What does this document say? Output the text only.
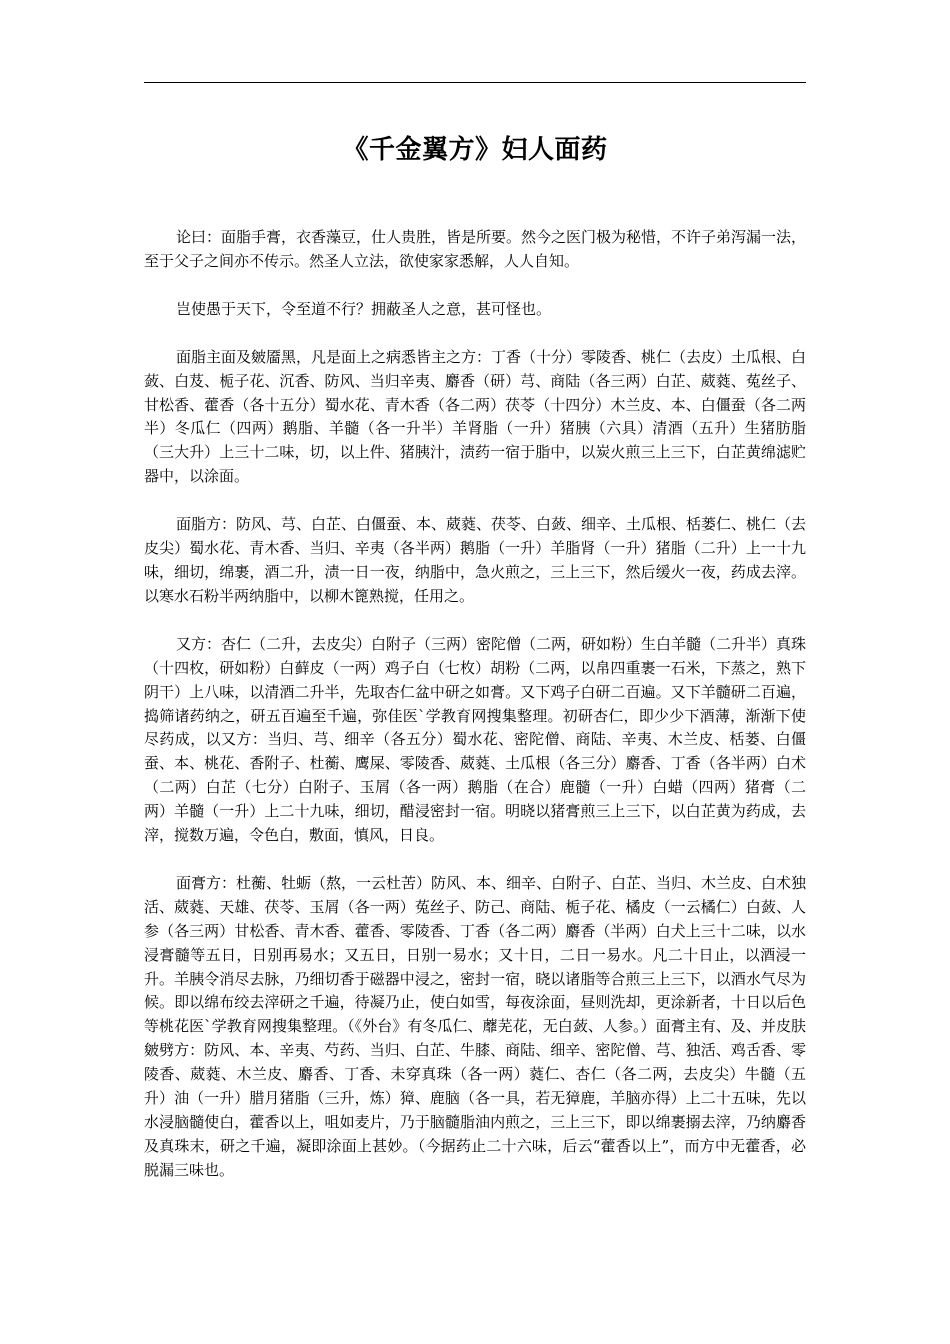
《千金翼方》妇人面药

论曰：面脂手膏，衣香藻豆，仕人贵胜，皆是所要。然今之医门极为秘惜，不许子弟泻漏一法，至于父子之间亦不传示。然圣人立法，欲使家家悉解，人人自知。

岂使愚于天下，令至道不行？拥蔽圣人之意，甚可怪也。

面脂主面及皴靥黑，凡是面上之病悉皆主之方：丁香（十分）零陵香、桃仁（去皮）土瓜根、白蔹、白芨、栀子花、沉香、防风、当归辛夷、麝香（研）芎、商陆（各三两）白芷、葳蕤、菟丝子、甘松香、藿香（各十五分）蜀水花、青木香（各二两）茯苓（十四分）木兰皮、本、白僵蚕（各二两半）冬瓜仁（四两）鹅脂、羊髓（各一升半）羊肾脂（一升）猪胰（六具）清酒（五升）生猪肪脂（三大升）上三十二味，切，以上件、猪胰汁，渍药一宿于脂中，以炭火煎三上三下，白芷黄绵滤贮器中，以涂面。

面脂方：防风、芎、白芷、白僵蚕、本、葳蕤、茯苓、白蔹、细辛、土瓜根、栝蒌仁、桃仁（去皮尖）蜀水花、青木香、当归、辛夷（各半两）鹅脂（一升）羊脂肾（一升）猪脂（二升）上一十九味，细切，绵裹，酒二升，渍一日一夜，纳脂中，急火煎之，三上三下，然后缓火一夜，药成去滓。以寒水石粉半两纳脂中，以柳木篦熟搅，任用之。

又方：杏仁（二升，去皮尖）白附子（三两）密陀僧（二两，研如粉）生白羊髓（二升半）真珠（十四枚，研如粉）白藓皮（一两）鸡子白（七枚）胡粉（二两，以帛四重裹一石米，下蒸之，熟下阴干）上八味，以清酒二升半，先取杏仁盆中研之如膏。又下鸡子白研二百遍。又下羊髓研二百遍，捣筛诸药纳之，研五百遍至千遍，弥佳医`学教育网搜集整理。初研杏仁，即少少下酒薄，渐渐下使尽药成，以又方：当归、芎、细辛（各五分）蜀水花、密陀僧、商陆、辛夷、木兰皮、栝蒌、白僵蚕、本、桃花、香附子、杜蘅、鹰屎、零陵香、葳蕤、土瓜根（各三分）麝香、丁香（各半两）白术（二两）白芷（七分）白附子、玉屑（各一两）鹅脂（在合）鹿髓（一升）白蜡（四两）猪膏（二两）羊髓（一升）上二十九味，细切，醋浸密封一宿。明晓以猪膏煎三上三下，以白芷黄为药成，去滓，搅数万遍，令色白，敷面，慎风，日良。

面膏方：杜蘅、牡蛎（熬，一云杜苦）防风、本、细辛、白附子、白芷、当归、木兰皮、白术独活、葳蕤、天雄、茯苓、玉屑（各一两）菟丝子、防己、商陆、栀子花、橘皮（一云橘仁）白蔹、人参（各三两）甘松香、青木香、藿香、零陵香、丁香（各二两）麝香（半两）白犬上三十二味，以水浸膏髓等五日，日别再易水；又五日，日别一易水；又十日，二日一易水。凡二十日止，以酒浸一升。羊胰令消尽去脉，乃细切香于磁器中浸之，密封一宿，晓以诸脂等合煎三上三下，以酒水气尽为候。即以绵布绞去滓研之千遍，待凝乃止，使白如雪，每夜涂面，昼则洗却，更涂新者，十日以后色等桃花医`学教育网搜集整理。（《外台》有冬瓜仁、蘼芜花，无白蔹、人参。）面膏主有、及、并皮肤皴劈方：防风、本、辛夷、芍药、当归、白芷、牛膝、商陆、细辛、密陀僧、芎、独活、鸡舌香、零陵香、葳蕤、木兰皮、麝香、丁香、未穿真珠（各一两）蕤仁、杏仁（各二两，去皮尖）牛髓（五升）油（一升）腊月猪脂（三升，炼）獐、鹿脑（各一具，若无獐鹿，羊脑亦得）上二十五味，先以水浸脑髓使白，藿香以上，咀如麦片，乃于脑髓脂油内煎之，三上三下，即以绵裹搦去滓，乃纳麝香及真珠末，研之千遍，凝即涂面上甚妙。（今据药止二十六味，后云“藿香以上”，而方中无藿香，必脱漏三味也。
